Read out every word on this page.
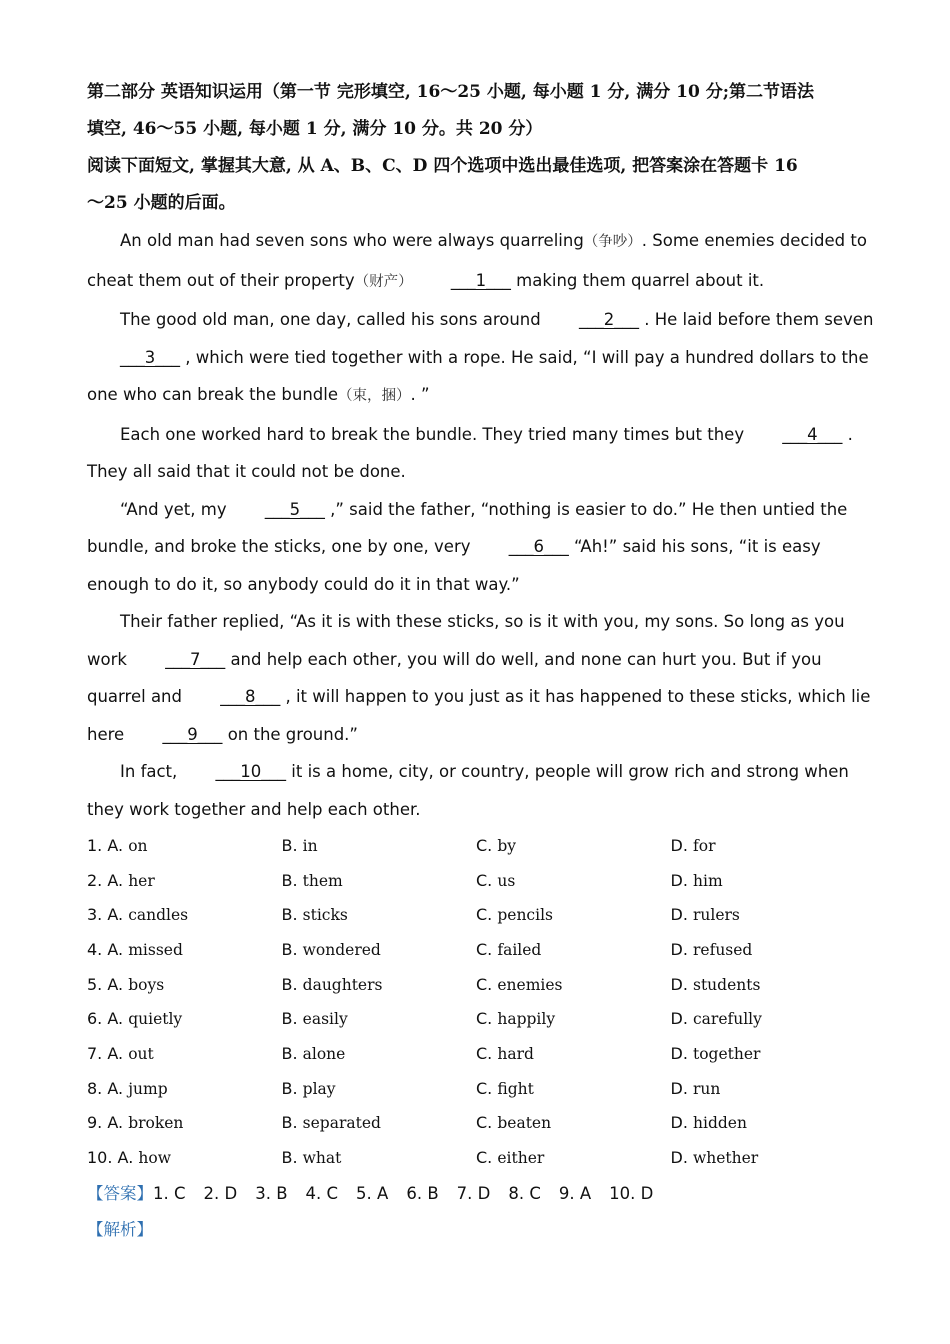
第二部分 英语知识运用（第一节 完形填空, 16～25 小题, 每小题 1 分, 满分 10 分;第二节语法

填空, 46～55 小题, 每小题 1 分, 满分 10 分。共 20 分）

阅读下面短文, 掌握其大意, 从 A、B、C、D 四个选项中选出最佳选项, 把答案涂在答题卡 16

～25 小题的后面。

An old man had seven sons who were always quarreling（争吵）. Some enemies decided to cheat them out of their property（财产） ___1___ making them quarrel about it.

The good old man, one day, called his sons around ___2___ . He laid before them seven ___3___ , which were tied together with a rope. He said, “I will pay a hundred dollars to the one who can break the bundle（束，捆）. ”

Each one worked hard to break the bundle. They tried many times but they ___4___ . They all said that it could not be done.

“And yet, my ___5___ ,” said the father, “nothing is easier to do.” He then untied the bundle, and broke the sticks, one by one, very ___6___ “Ah!” said his sons, “it is easy enough to do it, so anybody could do it in that way.”

Their father replied, “As it is with these sticks, so is it with you, my sons. So long as you work ___7___ and help each other, you will do well, and none can hurt you. But if you quarrel and ___8___ , it will happen to you just as it has happened to these sticks, which lie here ___9___ on the ground.”

In fact, ___10___ it is a home, city, or country, people will grow rich and strong when they work together and help each other.

1. A. on	B. in	C. by	D. for
2. A. her	B. them	C. us	D. him
3. A. candles	B. sticks	C. pencils	D. rulers
4. A. missed	B. wondered	C. failed	D. refused
5. A. boys	B. daughters	C. enemies	D. students
6. A. quietly	B. easily	C. happily	D. carefully
7. A. out	B. alone	C. hard	D. together
8. A. jump	B. play	C. fight	D. run
9. A. broken	B. separated	C. beaten	D. hidden
10. A. how	B. what	C. either	D. whether
【答案】1. C 2. D 3. B 4. C 5. A 6. B 7. D 8. C 9. A 10. D
【解析】
